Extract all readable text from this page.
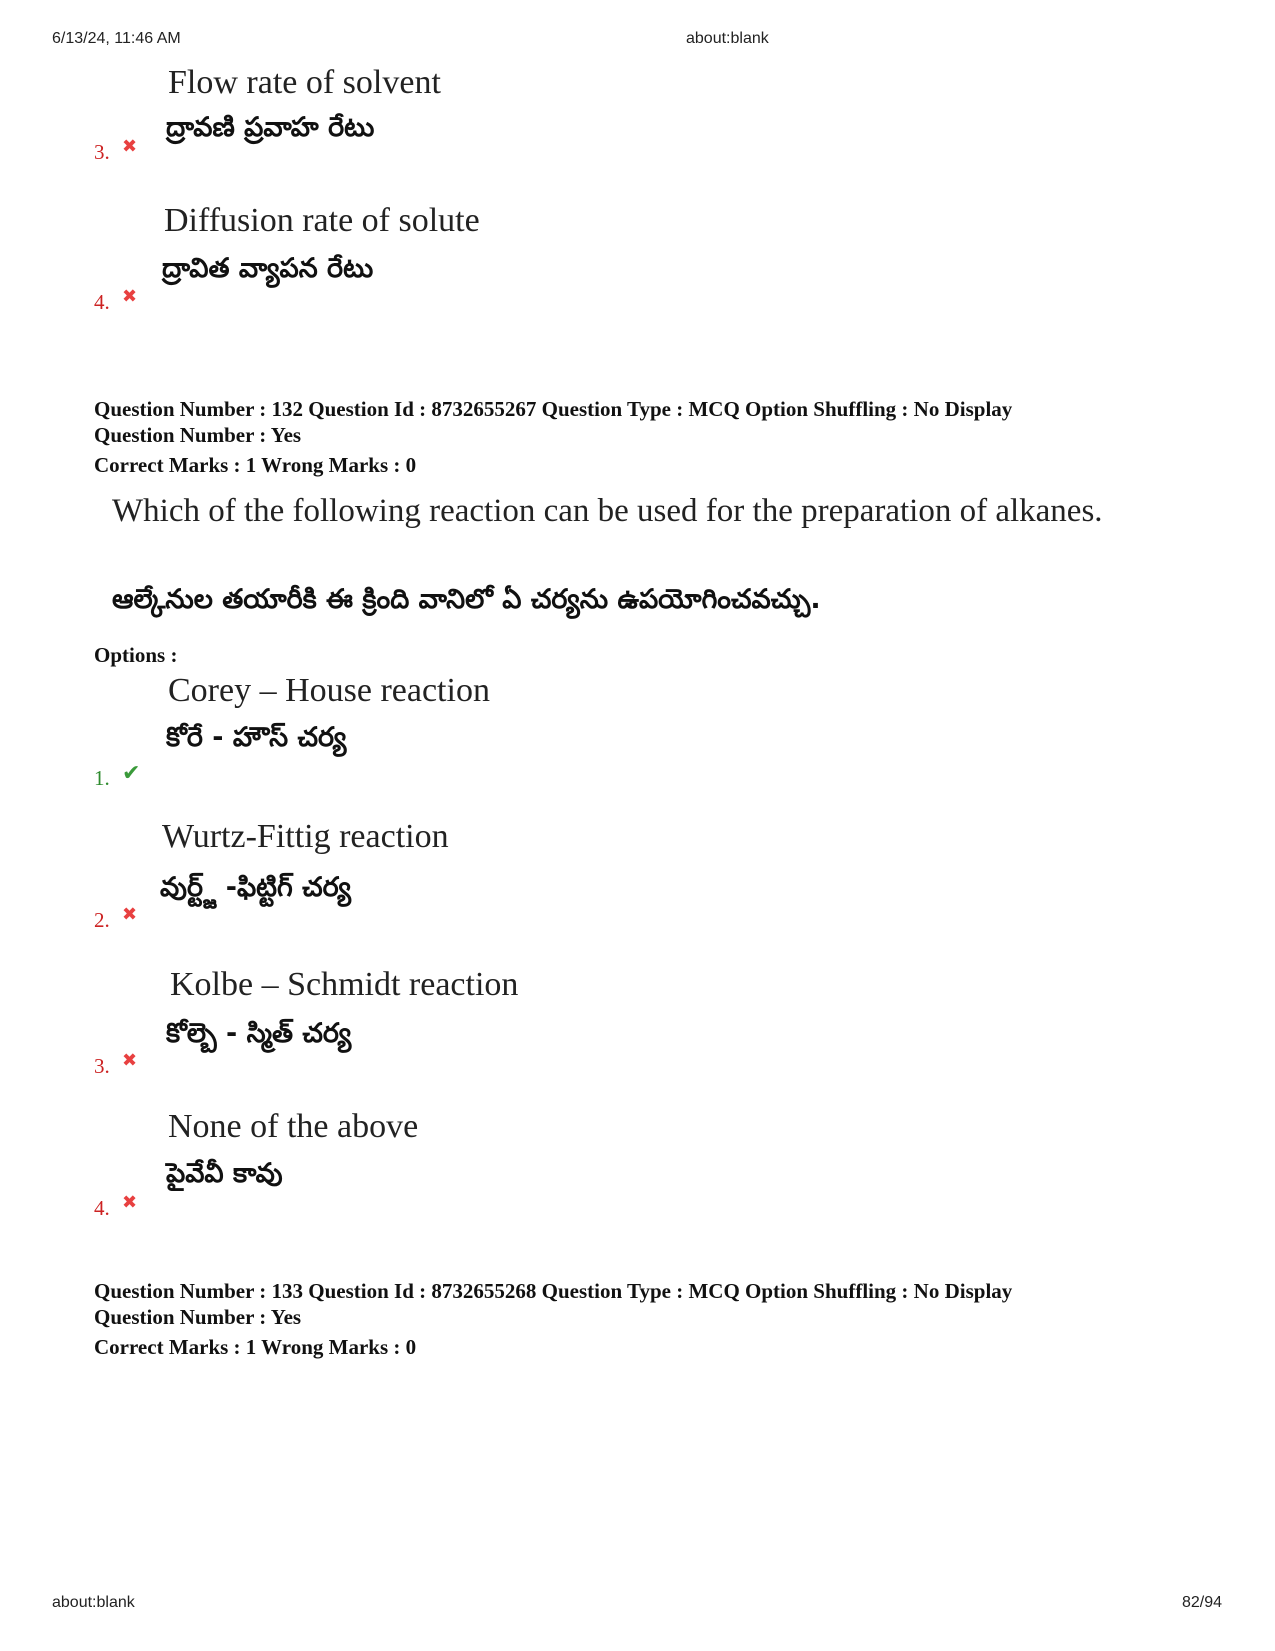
6/13/24, 11:46 AM	about:blank
Flow rate of solvent
ద్రావణి ప్రవాహ రేటు
3. ✖
Diffusion rate of solute
ద్రావిత వ్యాపన రేటు
4. ✖
Question Number : 132 Question Id : 8732655267 Question Type : MCQ Option Shuffling : No Display
Question Number : Yes
Correct Marks : 1 Wrong Marks : 0
Which of the following reaction can be used for the preparation of alkanes.
ఆల్కేనుల తయారీకి ఈ క్రింది వానిలో ఏ చర్యను ఉపయోగించవచ్చు.
Options :
Corey – House reaction
కోరే - హౌస్ చర్య
1. ✔
Wurtz-Fittig reaction
వుర్ట్జ్ -ఫిట్టిగ్ చర్య
2. ✖
Kolbe – Schmidt reaction
కోల్బె - స్మిత్ చర్య
3. ✖
None of the above
పైవేవీ కావు
4. ✖
Question Number : 133 Question Id : 8732655268 Question Type : MCQ Option Shuffling : No Display
Question Number : Yes
Correct Marks : 1 Wrong Marks : 0
about:blank	82/94
